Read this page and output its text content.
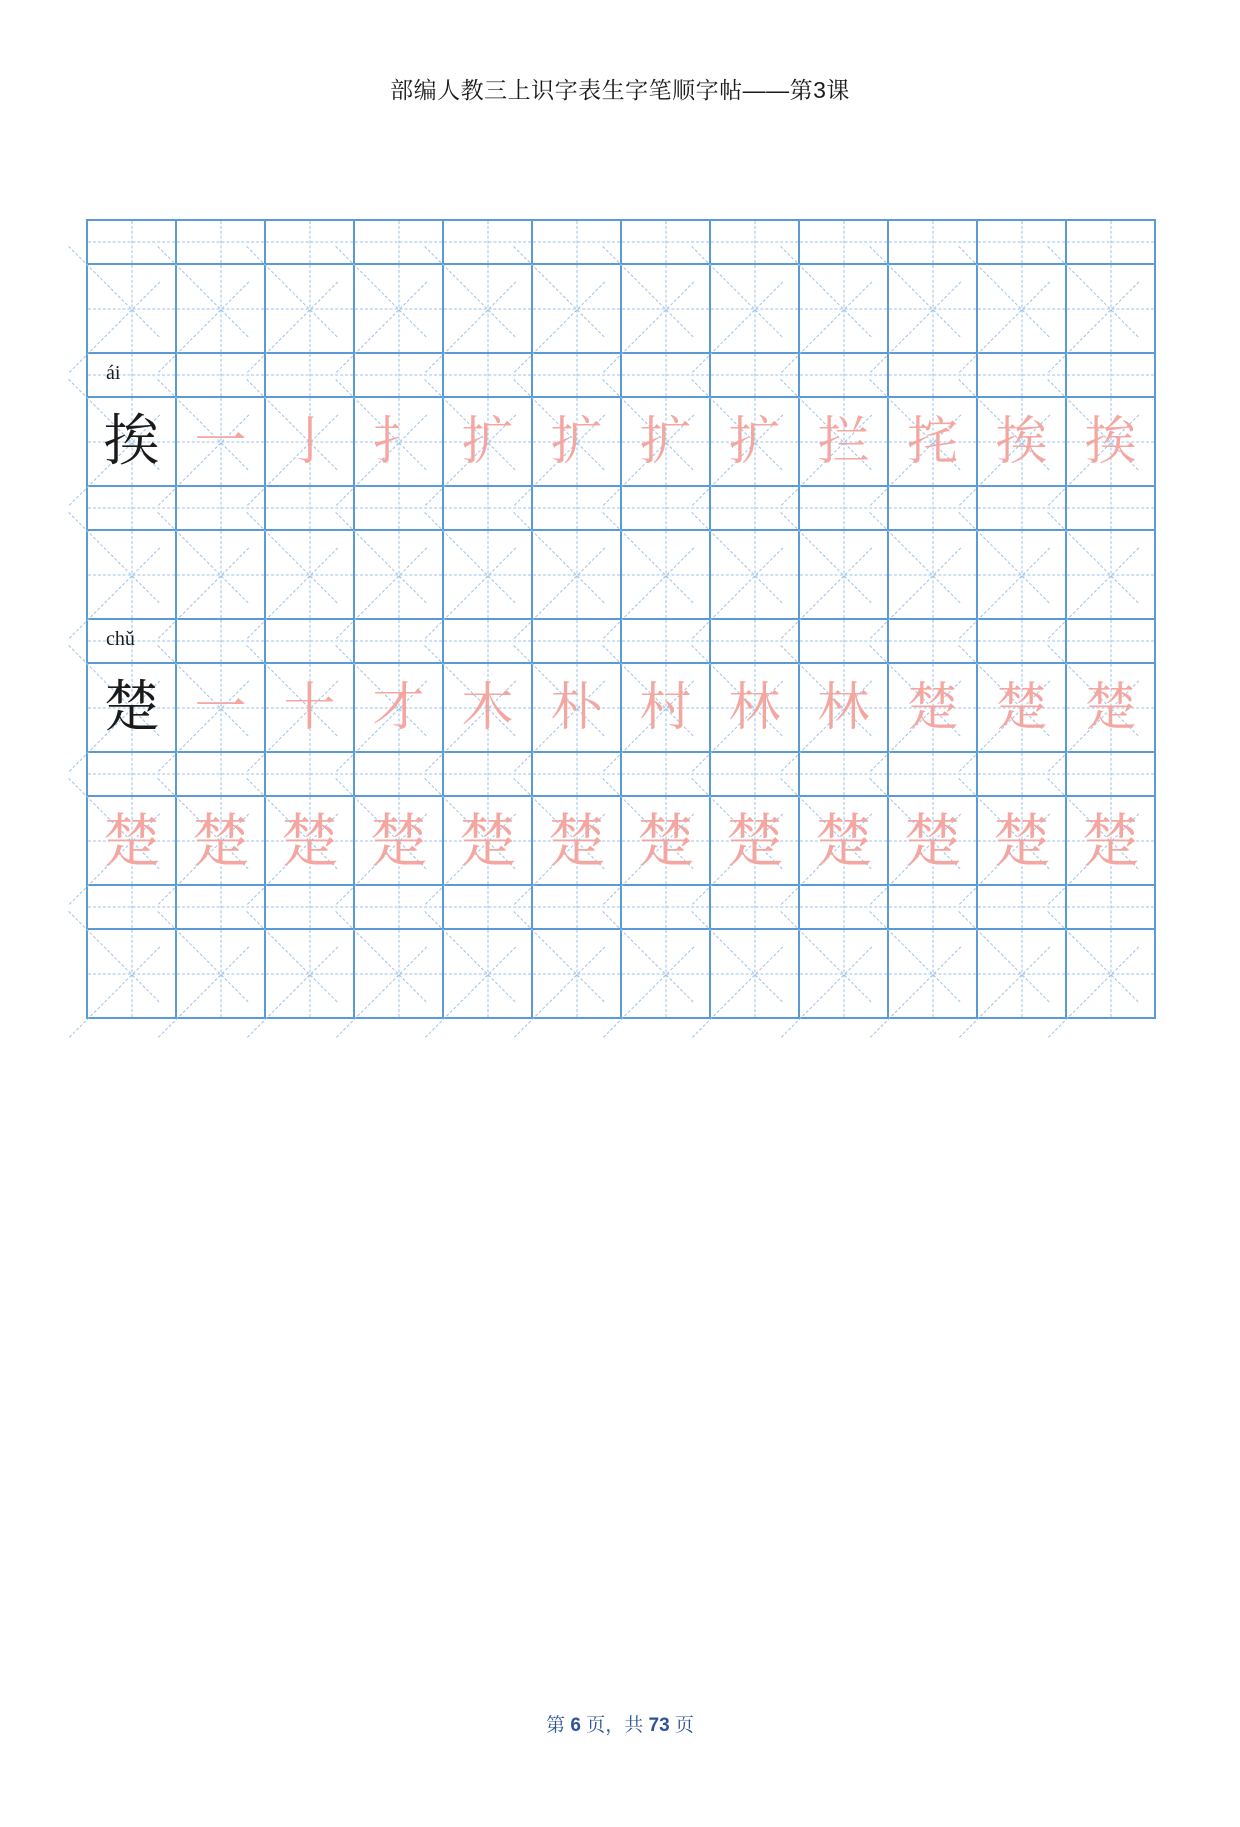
部编人教三上识字表生字笔顺字帖——第3课
ái
挨 一 亅 扌 扩 扩 扩 扩 拦 挓 挨 挨
chǔ
楚 一 十 才 木 朴 村 林 林 楚 楚 楚
楚 楚 楚 楚 楚 楚 楚 楚 楚 楚 楚 楚
第 6 页，共 73 页
